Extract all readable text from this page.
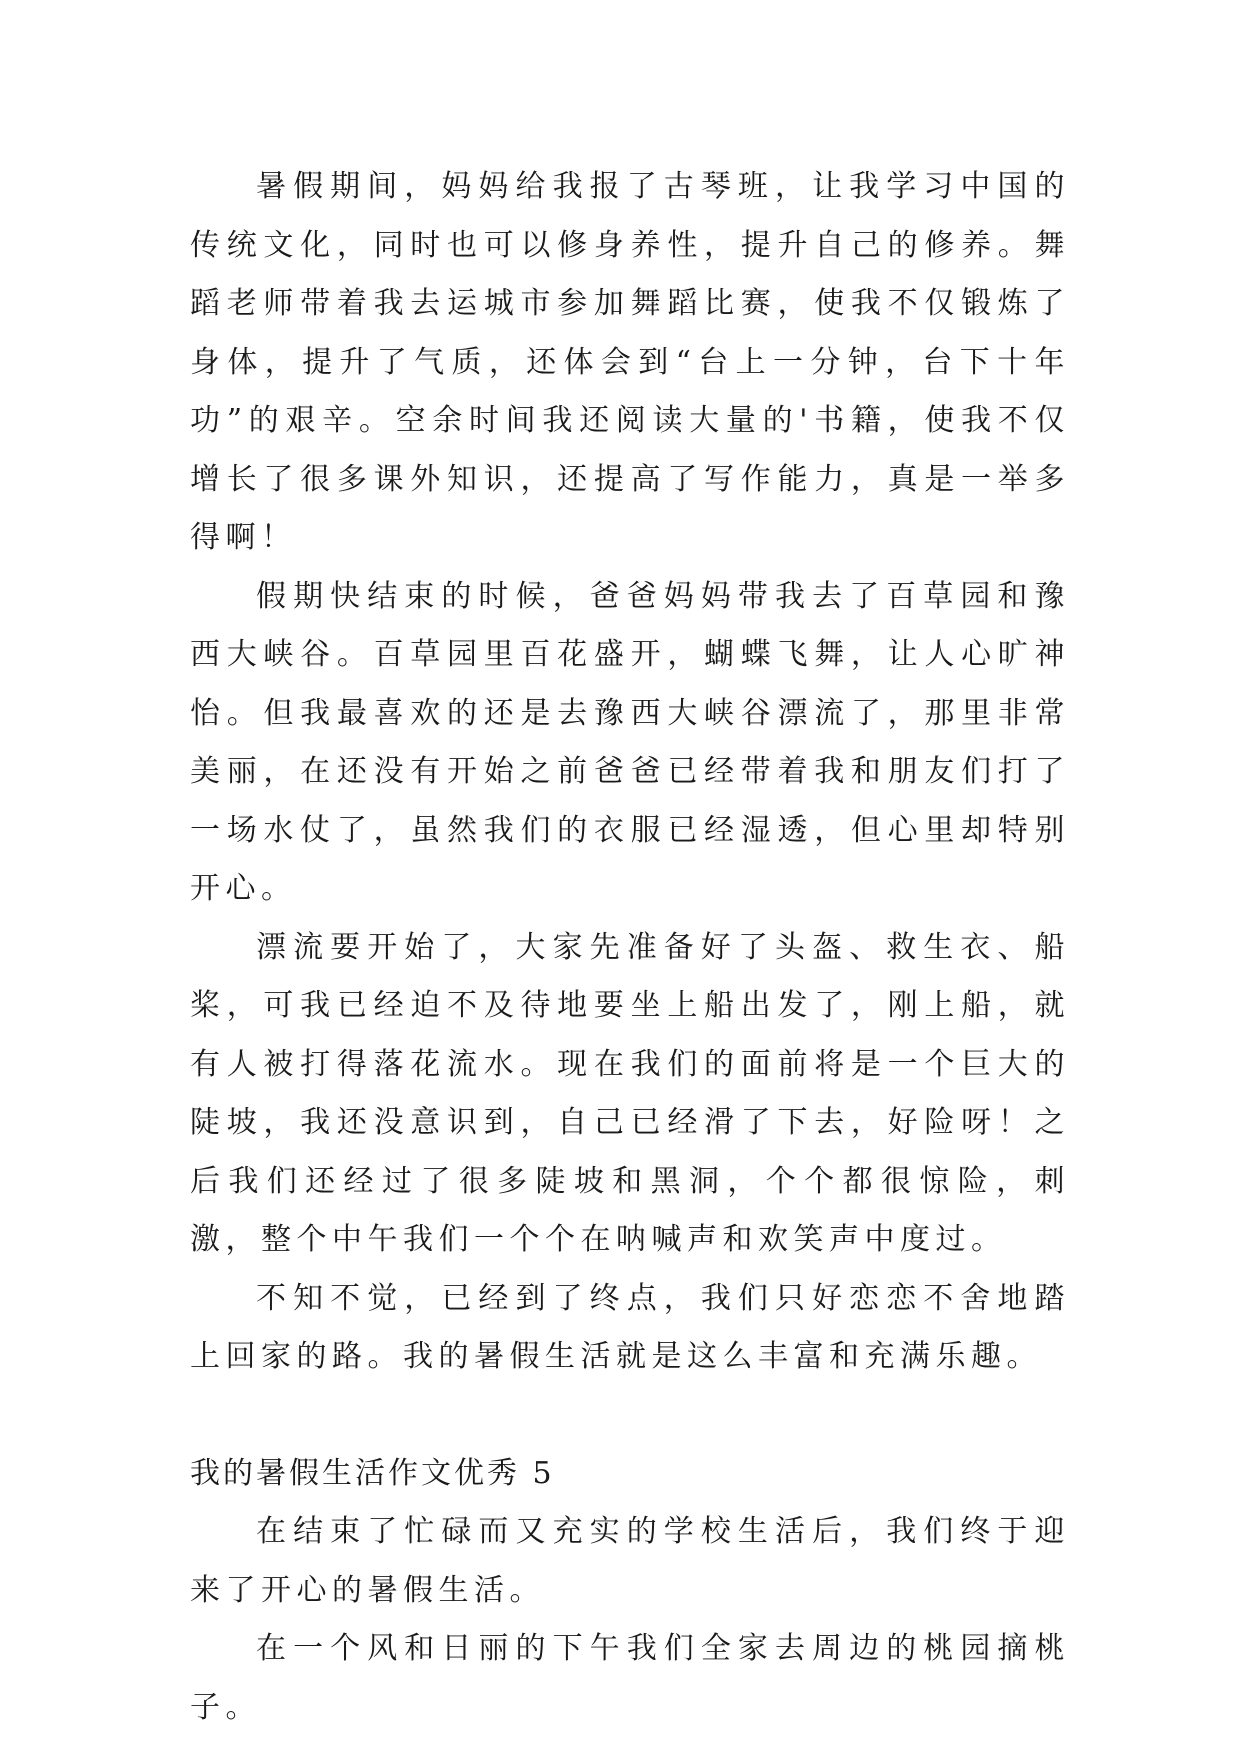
暑假期间，妈妈给我报了古琴班，让我学习中国的传统文化，同时也可以修身养性，提升自己的修养。舞蹈老师带着我去运城市参加舞蹈比赛，使我不仅锻炼了身体，提升了气质，还体会到“台上一分钟，台下十年功”的艰辛。空余时间我还阅读大量的'书籍，使我不仅增长了很多课外知识，还提高了写作能力，真是一举多得啊！

假期快结束的时候，爸爸妈妈带我去了百草园和豫西大峡谷。百草园里百花盛开，蝴蝶飞舞，让人心旷神怡。但我最喜欢的还是去豫西大峡谷漂流了，那里非常美丽，在还没有开始之前爸爸已经带着我和朋友们打了一场水仗了，虽然我们的衣服已经湿透，但心里却特别开心。

漂流要开始了，大家先准备好了头盔、救生衣、船桨，可我已经迫不及待地要坐上船出发了，刚上船，就有人被打得落花流水。现在我们的面前将是一个巨大的陡坡，我还没意识到，自己已经滑了下去，好险呀！之后我们还经过了很多陡坡和黑洞，个个都很惊险，刺激，整个中午我们一个个在呐喊声和欢笑声中度过。

不知不觉，已经到了终点，我们只好恋恋不舍地踏上回家的路。我的暑假生活就是这么丰富和充满乐趣。

我的暑假生活作文优秀 5

在结束了忙碌而又充实的学校生活后，我们终于迎来了开心的暑假生活。

在一个风和日丽的下午我们全家去周边的桃园摘桃子。
